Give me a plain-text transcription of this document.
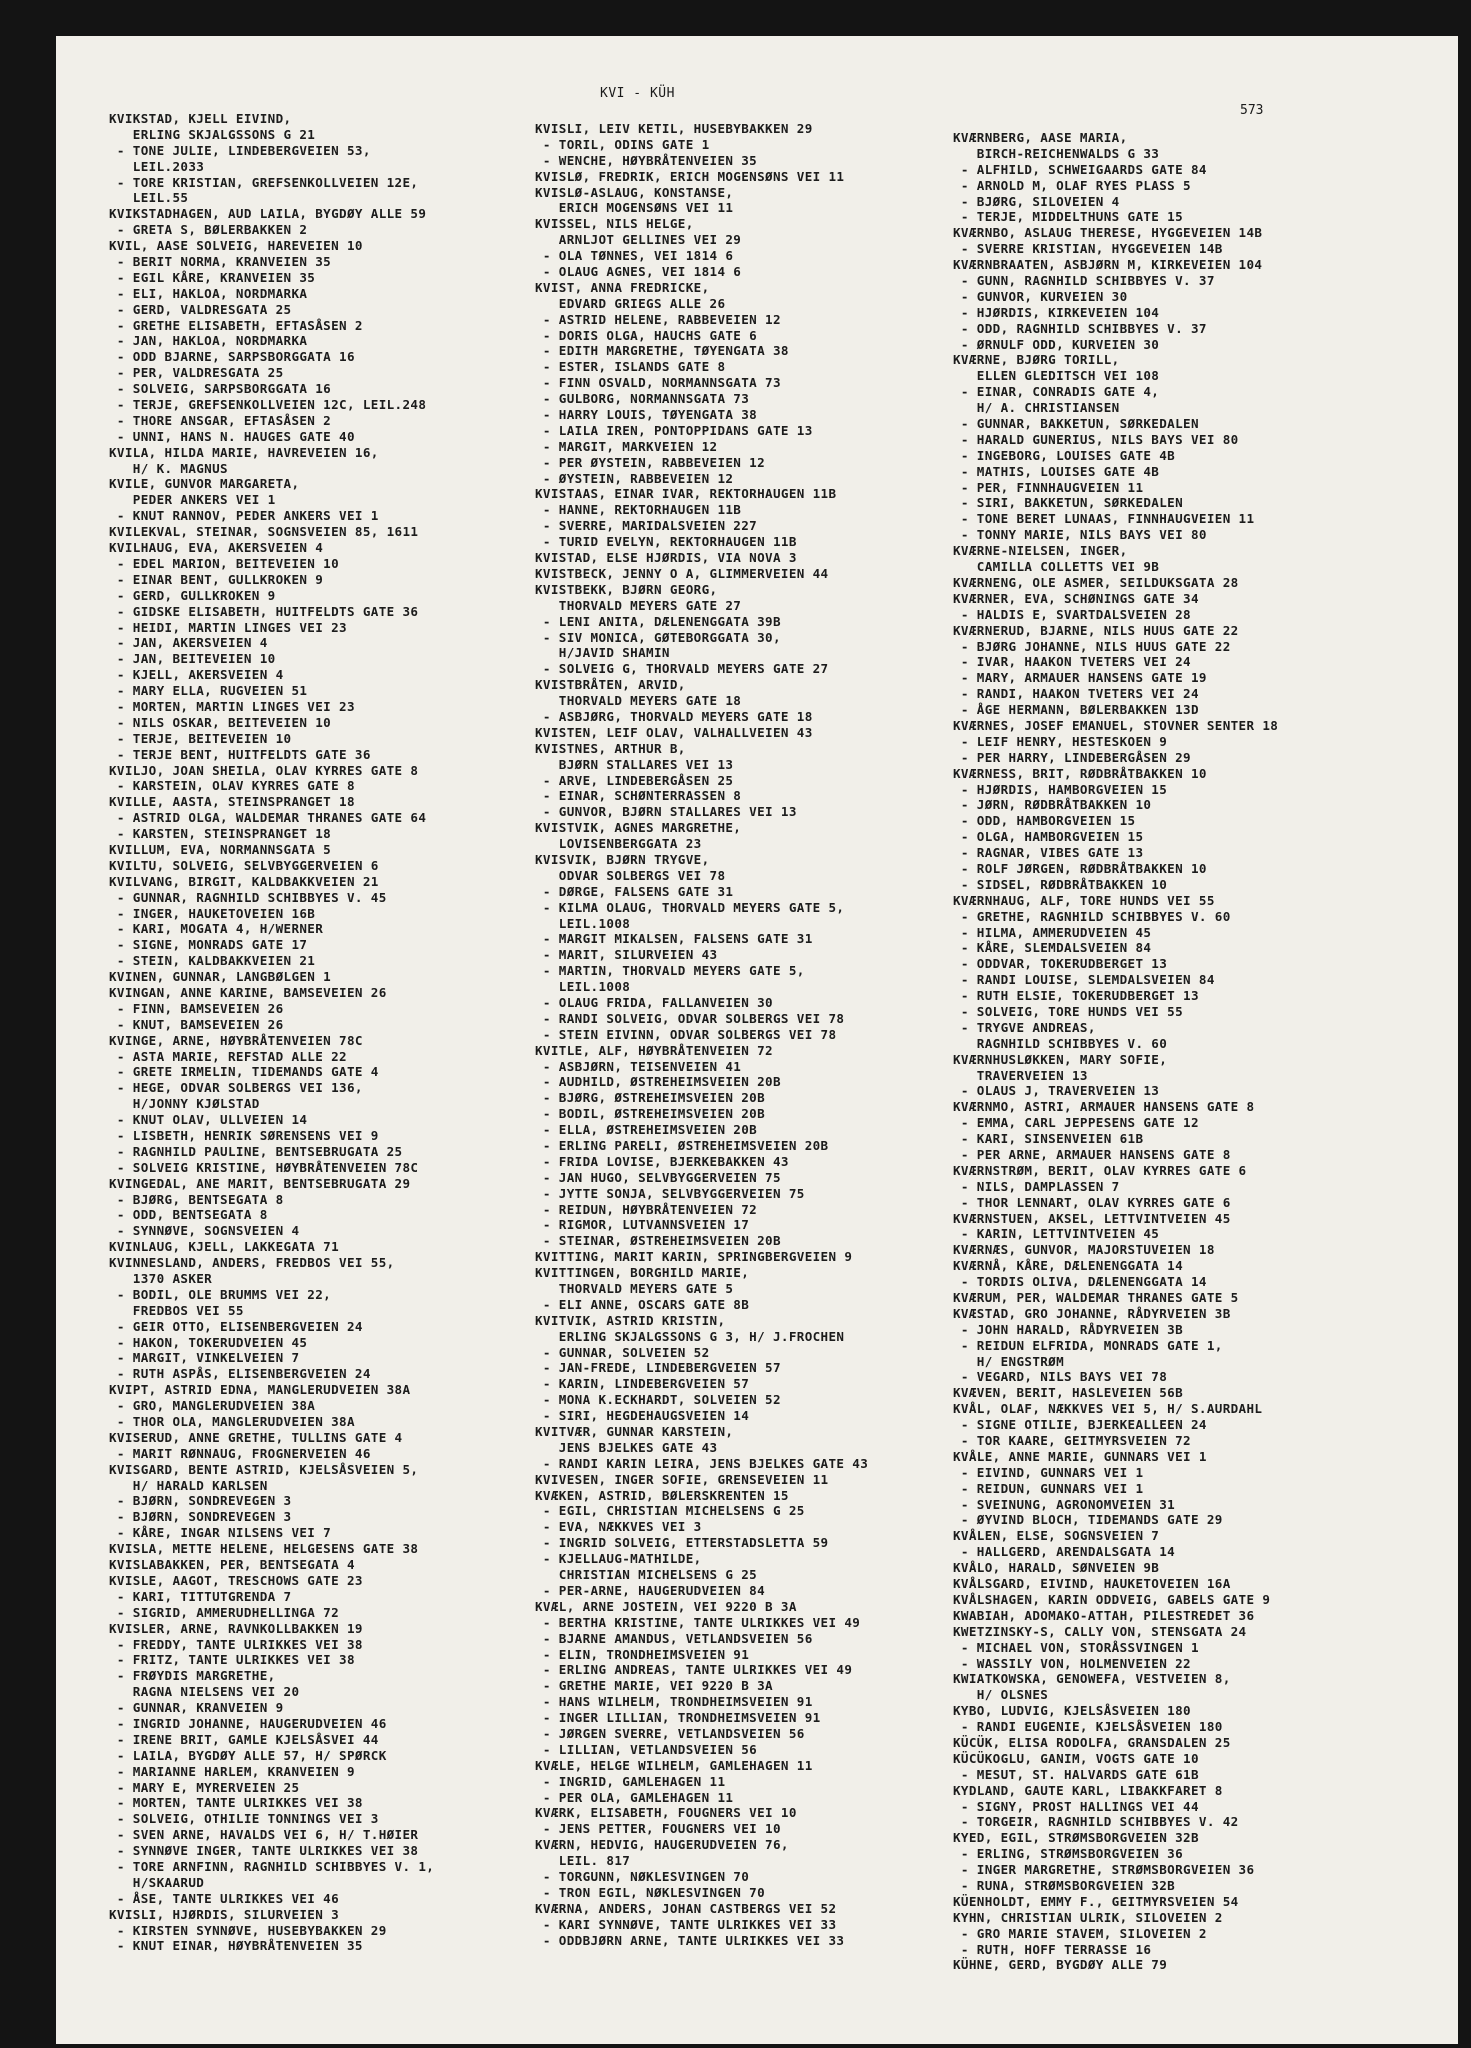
KVI - KÜH
573
KVIKSTAD, KJELL EIVIND,
ERLING SKJALGSSONS G 21
- TONE JULIE, LINDEBERGVEIEN 53,
LEIL.2033
- TORE KRISTIAN, GREFSENKOLLVEIEN 12E,
LEIL.55
KVIKSTADHAGEN, AUD LAILA, BYGDØY ALLE 59
- GRETA S, BØLERBAKKEN 2
KVIL, AASE SOLVEIG, HAREVEIEN 10
- BERIT NORMA, KRANVEIEN 35
- EGIL KÅRE, KRANVEIEN 35
- ELI, HAKLOA, NORDMARKA
- GERD, VALDRESGATA 25
- GRETHE ELISABETH, EFTASÅSEN 2
- JAN, HAKLOA, NORDMARKA
- ODD BJARNE, SARPSBORGGATA 16
- PER, VALDRESGATA 25
- SOLVEIG, SARPSBORGGATA 16
- TERJE, GREFSENKOLLVEIEN 12C, LEIL.248
- THORE ANSGAR, EFTASÅSEN 2
- UNNI, HANS N. HAUGES GATE 40
KVILA, HILDA MARIE, HAVREVEIEN 16,
H/ K. MAGNUS
KVILE, GUNVOR MARGARETA,
PEDER ANKERS VEI 1
- KNUT RANNOV, PEDER ANKERS VEI 1
KVILEKVAL, STEINAR, SOGNSVEIEN 85, 1611
KVILHAUG, EVA, AKERSVEIEN 4
- EDEL MARION, BEITEVEIEN 10
- EINAR BENT, GULLKROKEN 9
- GERD, GULLKROKEN 9
- GIDSKE ELISABETH, HUITFELDTS GATE 36
- HEIDI, MARTIN LINGES VEI 23
- JAN, AKERSVEIEN 4
- JAN, BEITEVEIEN 10
- KJELL, AKERSVEIEN 4
- MARY ELLA, RUGVEIEN 51
- MORTEN, MARTIN LINGES VEI 23
- NILS OSKAR, BEITEVEIEN 10
- TERJE, BEITEVEIEN 10
- TERJE BENT, HUITFELDTS GATE 36
KVILJO, JOAN SHEILA, OLAV KYRRES GATE 8
- KARSTEIN, OLAV KYRRES GATE 8
KVILLE, AASTA, STEINSPRANGET 18
- ASTRID OLGA, WALDEMAR THRANES GATE 64
- KARSTEN, STEINSPRANGET 18
KVILLUM, EVA, NORMANNSGATA 5
KVILTU, SOLVEIG, SELVBYGGERVEIEN 6
KVILVANG, BIRGIT, KALDBAKKVEIEN 21
- GUNNAR, RAGNHILD SCHIBBYES V. 45
- INGER, HAUKETOVEIEN 16B
- KARI, MOGATA 4, H/WERNER
- SIGNE, MONRADS GATE 17
- STEIN, KALDBAKKVEIEN 21
KVINEN, GUNNAR, LANGBØLGEN 1
KVINGAN, ANNE KARINE, BAMSEVEIEN 26
- FINN, BAMSEVEIEN 26
- KNUT, BAMSEVEIEN 26
KVINGE, ARNE, HØYBRÅTENVEIEN 78C
- ASTA MARIE, REFSTAD ALLE 22
- GRETE IRMELIN, TIDEMANDS GATE 4
- HEGE, ODVAR SOLBERGS VEI 136,
H/JONNY KJØLSTAD
- KNUT OLAV, ULLVEIEN 14
- LISBETH, HENRIK SØRENSENS VEI 9
- RAGNHILD PAULINE, BENTSEBRUGATA 25
- SOLVEIG KRISTINE, HØYBRÅTENVEIEN 78C
KVINGEDAL, ANE MARIT, BENTSEBRUGATA 29
- BJØRG, BENTSEGATA 8
- ODD, BENTSEGATA 8
- SYNNØVE, SOGNSVEIEN 4
KVINLAUG, KJELL, LAKKEGATA 71
KVINNESLAND, ANDERS, FREDBOS VEI 55,
1370 ASKER
- BODIL, OLE BRUMMS VEI 22,
FREDBOS VEI 55
- GEIR OTTO, ELISENBERGVEIEN 24
- HAKON, TOKERUDVEIEN 45
- MARGIT, VINKELVEIEN 7
- RUTH ASPÅS, ELISENBERGVEIEN 24
KVIPT, ASTRID EDNA, MANGLERUDVEIEN 38A
- GRO, MANGLERUDVEIEN 38A
- THOR OLA, MANGLERUDVEIEN 38A
KVISERUD, ANNE GRETHE, TULLINS GATE 4
- MARIT RØNNAUG, FROGNERVEIEN 46
KVISGARD, BENTE ASTRID, KJELSÅSVEIEN 5,
H/ HARALD KARLSEN
- BJØRN, SONDREVEGEN 3
- BJØRN, SONDREVEGEN 3
- KÅRE, INGAR NILSENS VEI 7
KVISLA, METTE HELENE, HELGESENS GATE 38
KVISLABAKKEN, PER, BENTSEGATA 4
KVISLE, AAGOT, TRESCHOWS GATE 23
- KARI, TITTUTGRENDA 7
- SIGRID, AMMERUDHELLINGA 72
KVISLER, ARNE, RAVNKOLLBAKKEN 19
- FREDDY, TANTE ULRIKKES VEI 38
- FRITZ, TANTE ULRIKKES VEI 38
- FRØYDIS MARGRETHE,
RAGNA NIELSENS VEI 20
- GUNNAR, KRANVEIEN 9
- INGRID JOHANNE, HAUGERUDVEIEN 46
- IRENE BRIT, GAMLE KJELSÅSVEI 44
- LAILA, BYGDØY ALLE 57, H/ SPØRCK
- MARIANNE HARLEM, KRANVEIEN 9
- MARY E, MYRERVEIEN 25
- MORTEN, TANTE ULRIKKES VEI 38
- SOLVEIG, OTHILIE TONNINGS VEI 3
- SVEN ARNE, HAVALDS VEI 6, H/ T.HØIER
- SYNNØVE INGER, TANTE ULRIKKES VEI 38
- TORE ARNFINN, RAGNHILD SCHIBBYES V. 1,
H/SKAARUD
- ÅSE, TANTE ULRIKKES VEI 46
KVISLI, HJØRDIS, SILURVEIEN 3
- KIRSTEN SYNNØVE, HUSEBYBAKKEN 29
- KNUT EINAR, HØYBRÅTENVEIEN 35
KVISLI, LEIV KETIL, HUSEBYBAKKEN 29
- TORIL, ODINS GATE 1
- WENCHE, HØYBRÅTENVEIEN 35
KVISLØ, FREDRIK, ERICH MOGENSØNS VEI 11
KVISLØ-ASLAUG, KONSTANSE,
ERICH MOGENSØNS VEI 11
KVISSEL, NILS HELGE,
ARNLJOT GELLINES VEI 29
- OLA TØNNES, VEI 1814 6
- OLAUG AGNES, VEI 1814 6
KVIST, ANNA FREDRICKE,
EDVARD GRIEGS ALLE 26
- ASTRID HELENE, RABBEVEIEN 12
- DORIS OLGA, HAUCHS GATE 6
- EDITH MARGRETHE, TØYENGATA 38
- ESTER, ISLANDS GATE 8
- FINN OSVALD, NORMANNSGATA 73
- GULBORG, NORMANNSGATA 73
- HARRY LOUIS, TØYENGATA 38
- LAILA IREN, PONTOPPIDANS GATE 13
- MARGIT, MARKVEIEN 12
- PER ØYSTEIN, RABBEVEIEN 12
- ØYSTEIN, RABBEVEIEN 12
KVISTAAS, EINAR IVAR, REKTORHAUGEN 11B
- HANNE, REKTORHAUGEN 11B
- SVERRE, MARIDALSVEIEN 227
- TURID EVELYN, REKTORHAUGEN 11B
KVISTAD, ELSE HJØRDIS, VIA NOVA 3
KVISTBECK, JENNY O A, GLIMMERVEIEN 44
KVISTBEKK, BJØRN GEORG,
THORVALD MEYERS GATE 27
- LENI ANITA, DÆLENENGGATA 39B
- SIV MONICA, GØTEBORGGATA 30,
H/JAVID SHAMIN
- SOLVEIG G, THORVALD MEYERS GATE 27
KVISTBRÅTEN, ARVID,
THORVALD MEYERS GATE 18
- ASBJØRG, THORVALD MEYERS GATE 18
KVISTEN, LEIF OLAV, VALHALLVEIEN 43
KVISTNES, ARTHUR B,
BJØRN STALLARES VEI 13
- ARVE, LINDEBERGÅSEN 25
- EINAR, SCHØNTERRASSEN 8
- GUNVOR, BJØRN STALLARES VEI 13
KVISTVIK, AGNES MARGRETHE,
LOVISENBERGGATA 23
KVISVIK, BJØRN TRYGVE,
ODVAR SOLBERGS VEI 78
- DØRGE, FALSENS GATE 31
- KILMA OLAUG, THORVALD MEYERS GATE 5,
LEIL.1008
- MARGIT MIKALSEN, FALSENS GATE 31
- MARIT, SILURVEIEN 43
- MARTIN, THORVALD MEYERS GATE 5,
LEIL.1008
- OLAUG FRIDA, FALLANVEIEN 30
- RANDI SOLVEIG, ODVAR SOLBERGS VEI 78
- STEIN EIVINN, ODVAR SOLBERGS VEI 78
KVITLE, ALF, HØYBRÅTENVEIEN 72
- ASBJØRN, TEISENVEIEN 41
- AUDHILD, ØSTREHEIMSVEIEN 20B
- BJØRG, ØSTREHEIMSVEIEN 20B
- BODIL, ØSTREHEIMSVEIEN 20B
- ELLA, ØSTREHEIMSVEIEN 20B
- ERLING PARELI, ØSTREHEIMSVEIEN 20B
- FRIDA LOVISE, BJERKEBAKKEN 43
- JAN HUGO, SELVBYGGERVEIEN 75
- JYTTE SONJA, SELVBYGGERVEIEN 75
- REIDUN, HØYBRÅTENVEIEN 72
- RIGMOR, LUTVANNSVEIEN 17
- STEINAR, ØSTREHEIMSVEIEN 20B
KVITTING, MARIT KARIN, SPRINGBERGVEIEN 9
KVITTINGEN, BORGHILD MARIE,
THORVALD MEYERS GATE 5
- ELI ANNE, OSCARS GATE 8B
KVITVIK, ASTRID KRISTIN,
ERLING SKJALGSSONS G 3, H/ J.FROCHEN
- GUNNAR, SOLVEIEN 52
- JAN-FREDE, LINDEBERGVEIEN 57
- KARIN, LINDEBERGVEIEN 57
- MONA K.ECKHARDT, SOLVEIEN 52
- SIRI, HEGDEHAUGSVEIEN 14
KVITVÆR, GUNNAR KARSTEIN,
JENS BJELKES GATE 43
- RANDI KARIN LEIRA, JENS BJELKES GATE 43
KVIVESEN, INGER SOFIE, GRENSEVEIEN 11
KVÆKEN, ASTRID, BØLERSKRENTEN 15
- EGIL, CHRISTIAN MICHELSENS G 25
- EVA, NÆKKVES VEI 3
- INGRID SOLVEIG, ETTERSTADSLETTA 59
- KJELLAUG-MATHILDE,
CHRISTIAN MICHELSENS G 25
- PER-ARNE, HAUGERUDVEIEN 84
KVÆL, ARNE JOSTEIN, VEI 9220 B 3A
- BERTHA KRISTINE, TANTE ULRIKKES VEI 49
- BJARNE AMANDUS, VETLANDSVEIEN 56
- ELIN, TRONDHEIMSVEIEN 91
- ERLING ANDREAS, TANTE ULRIKKES VEI 49
- GRETHE MARIE, VEI 9220 B 3A
- HANS WILHELM, TRONDHEIMSVEIEN 91
- INGER LILLIAN, TRONDHEIMSVEIEN 91
- JØRGEN SVERRE, VETLANDSVEIEN 56
- LILLIAN, VETLANDSVEIEN 56
KVÆLE, HELGE WILHELM, GAMLEHAGEN 11
- INGRID, GAMLEHAGEN 11
- PER OLA, GAMLEHAGEN 11
KVÆRK, ELISABETH, FOUGNERS VEI 10
- JENS PETTER, FOUGNERS VEI 10
KVÆRN, HEDVIG, HAUGERUDVEIEN 76,
LEIL. 817
- TORGUNN, NØKLESVINGEN 70
- TRON EGIL, NØKLESVINGEN 70
KVÆRNA, ANDERS, JOHAN CASTBERGS VEI 52
- KARI SYNNØVE, TANTE ULRIKKES VEI 33
- ODDBJØRN ARNE, TANTE ULRIKKES VEI 33
KVÆRNBERG, AASE MARIA,
BIRCH-REICHENWALDS G 33
- ALFHILD, SCHWEIGAARDS GATE 84
- ARNOLD M, OLAF RYES PLASS 5
- BJØRG, SILOVEIEN 4
- TERJE, MIDDELTHUNS GATE 15
KVÆRNBO, ASLAUG THERESE, HYGGEVEIEN 14B
- SVERRE KRISTIAN, HYGGEVEIEN 14B
KVÆRNBRAATEN, ASBJØRN M, KIRKEVEIEN 104
- GUNN, RAGNHILD SCHIBBYES V. 37
- GUNVOR, KURVEIEN 30
- HJØRDIS, KIRKEVEIEN 104
- ODD, RAGNHILD SCHIBBYES V. 37
- ØRNULF ODD, KURVEIEN 30
KVÆRNE, BJØRG TORILL,
ELLEN GLEDITSCH VEI 108
- EINAR, CONRADIS GATE 4,
H/ A. CHRISTIANSEN
- GUNNAR, BAKKETUN, SØRKEDALEN
- HARALD GUNERIUS, NILS BAYS VEI 80
- INGEBORG, LOUISES GATE 4B
- MATHIS, LOUISES GATE 4B
- PER, FINNHAUGVEIEN 11
- SIRI, BAKKETUN, SØRKEDALEN
- TONE BERET LUNAAS, FINNHAUGVEIEN 11
- TONNY MARIE, NILS BAYS VEI 80
KVÆRNE-NIELSEN, INGER,
CAMILLA COLLETTS VEI 9B
KVÆRNENG, OLE ASMER, SEILDUKSGATA 28
KVÆRNER, EVA, SCHØNINGS GATE 34
- HALDIS E, SVARTDALSVEIEN 28
KVÆRNERUD, BJARNE, NILS HUUS GATE 22
- BJØRG JOHANNE, NILS HUUS GATE 22
- IVAR, HAAKON TVETERS VEI 24
- MARY, ARMAUER HANSENS GATE 19
- RANDI, HAAKON TVETERS VEI 24
- ÅGE HERMANN, BØLERBAKKEN 13D
KVÆRNES, JOSEF EMANUEL, STOVNER SENTER 18
- LEIF HENRY, HESTESKOEN 9
- PER HARRY, LINDEBERGÅSEN 29
KVÆRNESS, BRIT, RØDBRÅTBAKKEN 10
- HJØRDIS, HAMBORGVEIEN 15
- JØRN, RØDBRÅTBAKKEN 10
- ODD, HAMBORGVEIEN 15
- OLGA, HAMBORGVEIEN 15
- RAGNAR, VIBES GATE 13
- ROLF JØRGEN, RØDBRÅTBAKKEN 10
- SIDSEL, RØDBRÅTBAKKEN 10
KVÆRNHAUG, ALF, TORE HUNDS VEI 55
- GRETHE, RAGNHILD SCHIBBYES V. 60
- HILMA, AMMERUDVEIEN 45
- KÅRE, SLEMDALSVEIEN 84
- ODDVAR, TOKERUDBERGET 13
- RANDI LOUISE, SLEMDALSVEIEN 84
- RUTH ELSIE, TOKERUDBERGET 13
- SOLVEIG, TORE HUNDS VEI 55
- TRYGVE ANDREAS,
RAGNHILD SCHIBBYES V. 60
KVÆRNHUSLØKKEN, MARY SOFIE,
TRAVERVEIEN 13
- OLAUS J, TRAVERVEIEN 13
KVÆRNMO, ASTRI, ARMAUER HANSENS GATE 8
- EMMA, CARL JEPPESENS GATE 12
- KARI, SINSENVEIEN 61B
- PER ARNE, ARMAUER HANSENS GATE 8
KVÆRNSTRØM, BERIT, OLAV KYRRES GATE 6
- NILS, DAMPLASSEN 7
- THOR LENNART, OLAV KYRRES GATE 6
KVÆRNSTUEN, AKSEL, LETTVINTVEIEN 45
- KARIN, LETTVINTVEIEN 45
KVÆRNÆS, GUNVOR, MAJORSTUVEIEN 18
KVÆRNÅ, KÅRE, DÆLENENGGATA 14
- TORDIS OLIVA, DÆLENENGGATA 14
KVÆRUM, PER, WALDEMAR THRANES GATE 5
KVÆSTAD, GRO JOHANNE, RÅDYRVEIEN 3B
- JOHN HARALD, RÅDYRVEIEN 3B
- REIDUN ELFRIDA, MONRADS GATE 1,
H/ ENGSTRØM
- VEGARD, NILS BAYS VEI 78
KVÆVEN, BERIT, HASLEVEIEN 56B
KVÅL, OLAF, NÆKKVES VEI 5, H/ S.AURDAHL
- SIGNE OTILIE, BJERKEALLEEN 24
- TOR KAARE, GEITMYRSVEIEN 72
KVÅLE, ANNE MARIE, GUNNARS VEI 1
- EIVIND, GUNNARS VEI 1
- REIDUN, GUNNARS VEI 1
- SVEINUNG, AGRONOMVEIEN 31
- ØYVIND BLOCH, TIDEMANDS GATE 29
KVÅLEN, ELSE, SOGNSVEIEN 7
- HALLGERD, ARENDALSGATA 14
KVÅLO, HARALD, SØNVEIEN 9B
KVÅLSGARD, EIVIND, HAUKETOVEIEN 16A
KVÅLSHAGEN, KARIN ODDVEIG, GABELS GATE 9
KWABIAH, ADOMAKO-ATTAH, PILESTREDET 36
KWETZINSKY-S, CALLY VON, STENSGATA 24
- MICHAEL VON, STORÅSSVINGEN 1
- WASSILY VON, HOLMENVEIEN 22
KWIATKOWSKA, GENOWEFA, VESTVEIEN 8,
H/ OLSNES
KYBO, LUDVIG, KJELSÅSVEIEN 180
- RANDI EUGENIE, KJELSÅSVEIEN 180
KÜCÜK, ELISA RODOLFA, GRANSDALEN 25
KÜCÜKOGLU, GANIM, VOGTS GATE 10
- MESUT, ST. HALVARDS GATE 61B
KYDLAND, GAUTE KARL, LIBAKKFARET 8
- SIGNY, PROST HALLINGS VEI 44
- TORGEIR, RAGNHILD SCHIBBYES V. 42
KYED, EGIL, STRØMSBORGVEIEN 32B
- ERLING, STRØMSBORGVEIEN 36
- INGER MARGRETHE, STRØMSBORGVEIEN 36
- RUNA, STRØMSBORGVEIEN 32B
KÜENHOLDT, EMMY F., GEITMYRSVEIEN 54
KYHN, CHRISTIAN ULRIK, SILOVEIEN 2
- GRO MARIE STAVEM, SILOVEIEN 2
- RUTH, HOFF TERRASSE 16
KÜHNE, GERD, BYGDØY ALLE 79
